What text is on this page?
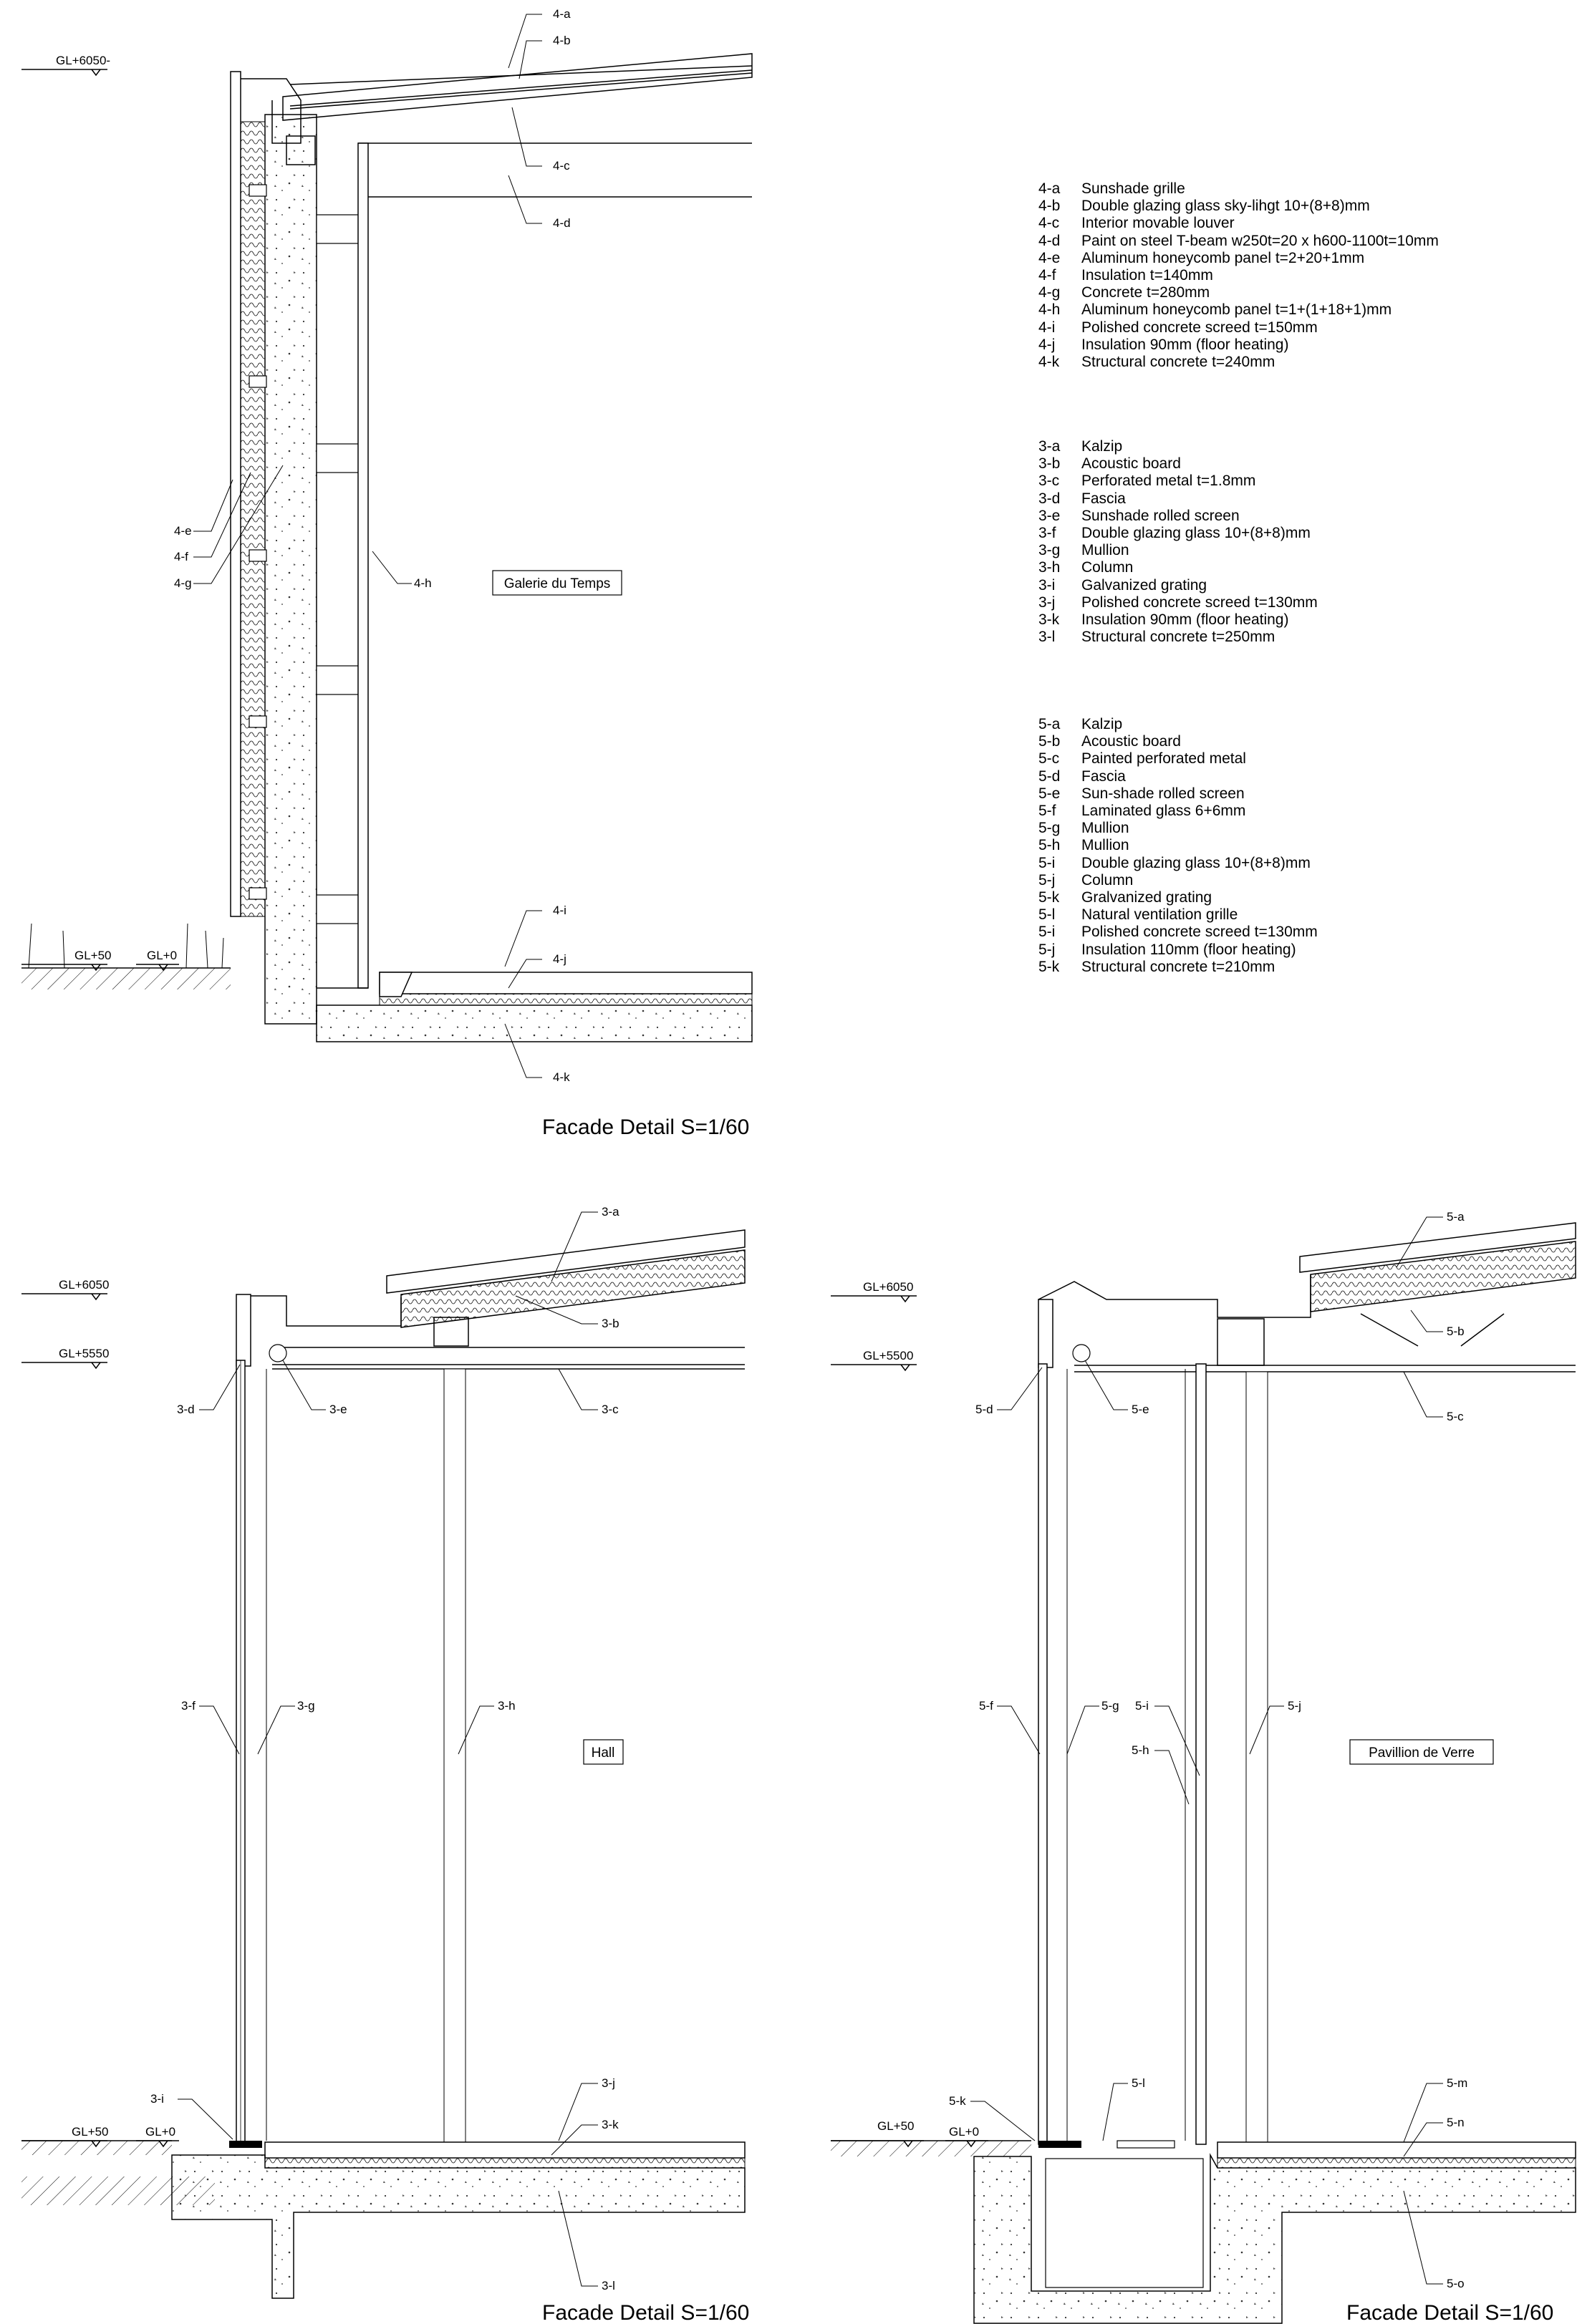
GL+6050-
GL+50	GL+0
4-a
4-b
4-c
4-d
4-e
4-f
4-g	4-h
4-i
4-j
4-k
Galerie du Temps
Facade Detail S=1/60
GL+6050
GL+5550
GL+50	GL+0
3-a
3-b
3-c
3-d	3-e
3-f	3-g	3-h
3-i
3-j
3-k
3-l
Hall
Facade Detail S=1/60
GL+6050
GL+5500
GL+50	GL+0
5-a
5-b
5-c
5-d	5-e
5-f	5-g 5-i
5-h
5-j
5-k
5-l	5-m
5-n
5-o
Pavillion de Verre
Facade Detail S=1/60
4-a Sunshade grille
4-b Double glazing glass sky-lihgt 10+(8+8)mm
4-c Interior movable louver
4-d Paint on steel T-beam w250t=20 x h600-1100t=10mm
4-e Aluminum honeycomb panel t=2+20+1mm
4-f Insulation t=140mm
4-g Concrete t=280mm
4-h Aluminum honeycomb panel t=1+(1+18+1)mm
4-i Polished concrete screed t=150mm
4-j Insulation 90mm (floor heating)
4-k Structural concrete t=240mm
3-a Kalzip
3-b Acoustic board
3-c Perforated metal t=1.8mm
3-d Fascia
3-e Sunshade rolled screen
3-f Double glazing glass 10+(8+8)mm
3-g Mullion
3-h Column
3-i Galvanized grating
3-j Polished concrete screed t=130mm
3-k Insulation 90mm (floor heating)
3-l Structural concrete t=250mm
5-a Kalzip
5-b Acoustic board
5-c Painted perforated metal
5-d Fascia
5-e Sun-shade rolled screen
5-f Laminated glass 6+6mm
5-g Mullion
5-h Mullion
5-i Double glazing glass 10+(8+8)mm
5-j Column
5-k Gralvanized grating
5-l Natural ventilation grille
5-i Polished concrete screed t=130mm
5-j Insulation 110mm (floor heating)
5-k Structural concrete t=210mm
